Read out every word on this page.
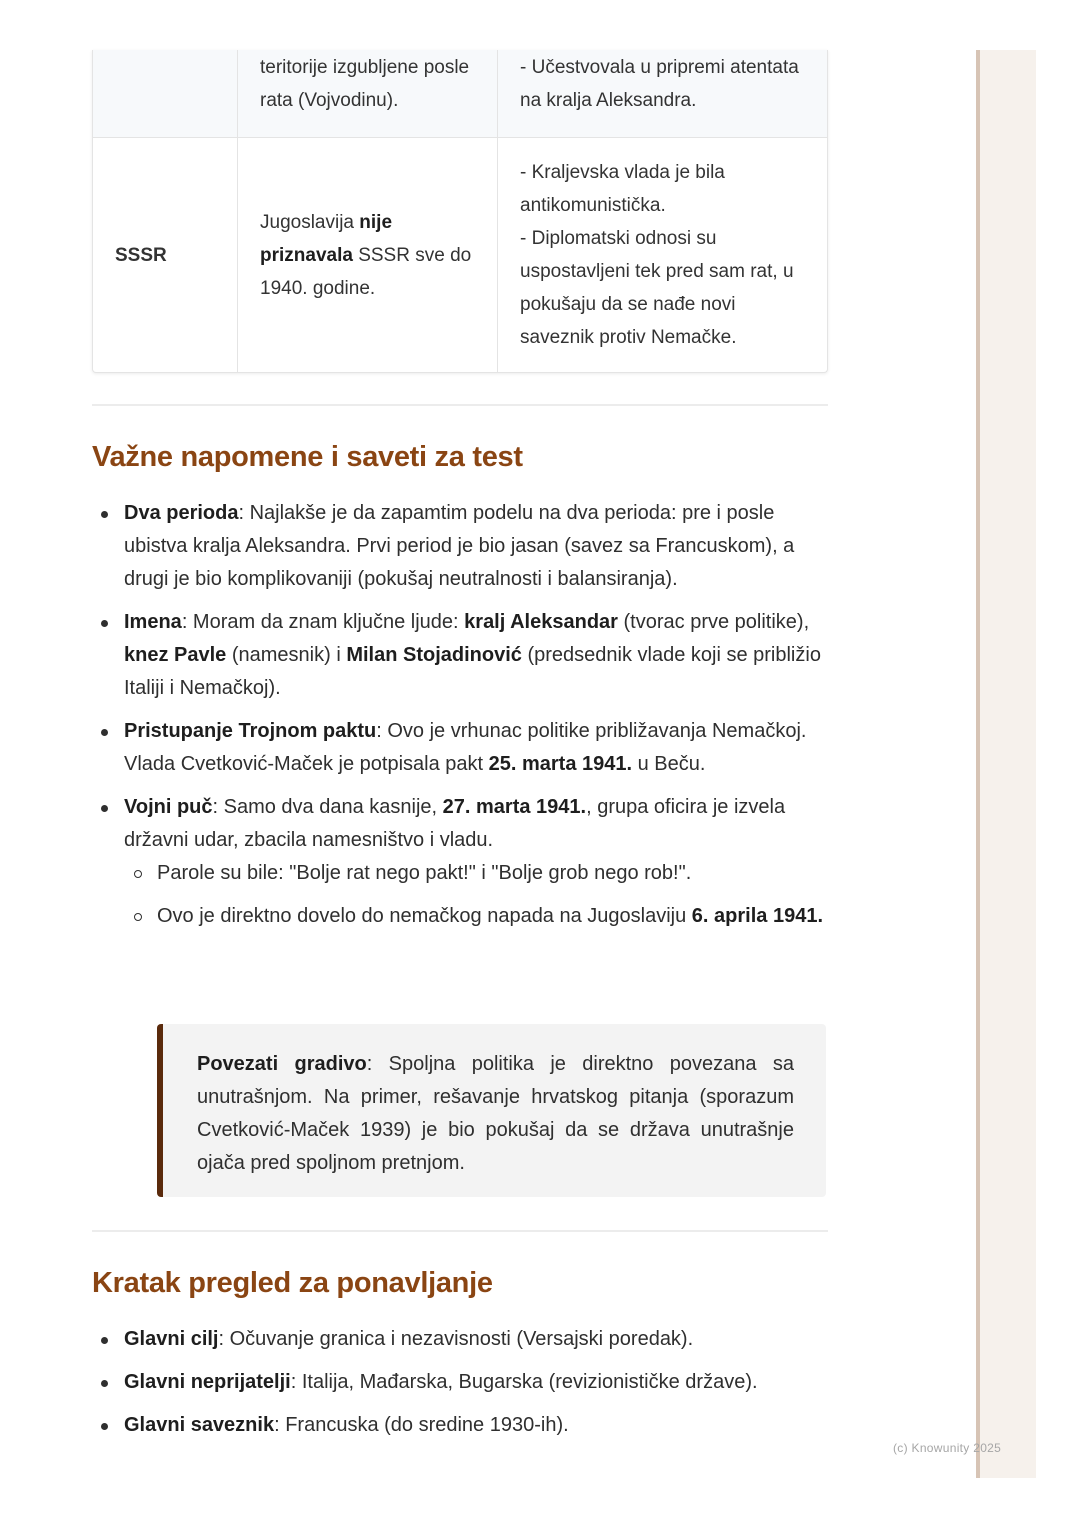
	teritorije izgubljene posle rata (Vojvodinu).	- Učestvovala u pripremi atentata na kralja Aleksandra.
SSSR	Jugoslavija nije priznavala SSSR sve do 1940. godine.	- Kraljevska vlada je bila antikomunistička.
- Diplomatski odnosi su uspostavljeni tek pred sam rat, u pokušaju da se nađe novi saveznik protiv Nemačke.
Važne napomene i saveti za test
Dva perioda: Najlakše je da zapamtim podelu na dva perioda: pre i posle ubistva kralja Aleksandra. Prvi period je bio jasan (savez sa Francuskom), a drugi je bio komplikovaniji (pokušaj neutralnosti i balansiranja).
Imena: Moram da znam ključne ljude: kralj Aleksandar (tvorac prve politike), knez Pavle (namesnik) i Milan Stojadinović (predsednik vlade koji se približio Italiji i Nemačkoj).
Pristupanje Trojnom paktu: Ovo je vrhunac politike približavanja Nemačkoj. Vlada Cvetković-Maček je potpisala pakt 25. marta 1941. u Beču.
Vojni puč: Samo dva dana kasnije, 27. marta 1941., grupa oficira je izvela državni udar, zbacila namesništvo i vladu.
Parole su bile: "Bolje rat nego pakt!" i "Bolje grob nego rob!".
Ovo je direktno dovelo do nemačkog napada na Jugoslaviju 6. aprila 1941.
Povezati gradivo: Spoljna politika je direktno povezana sa unutrašnjom. Na primer, rešavanje hrvatskog pitanja (sporazum Cvetković-Maček 1939) je bio pokušaj da se država unutrašnje ojača pred spoljnom pretnjom.
Kratak pregled za ponavljanje
Glavni cilj: Očuvanje granica i nezavisnosti (Versajski poredak).
Glavni neprijatelji: Italija, Mađarska, Bugarska (revizionističke države).
Glavni saveznik: Francuska (do sredine 1930-ih).
(c) Knowunity 2025
